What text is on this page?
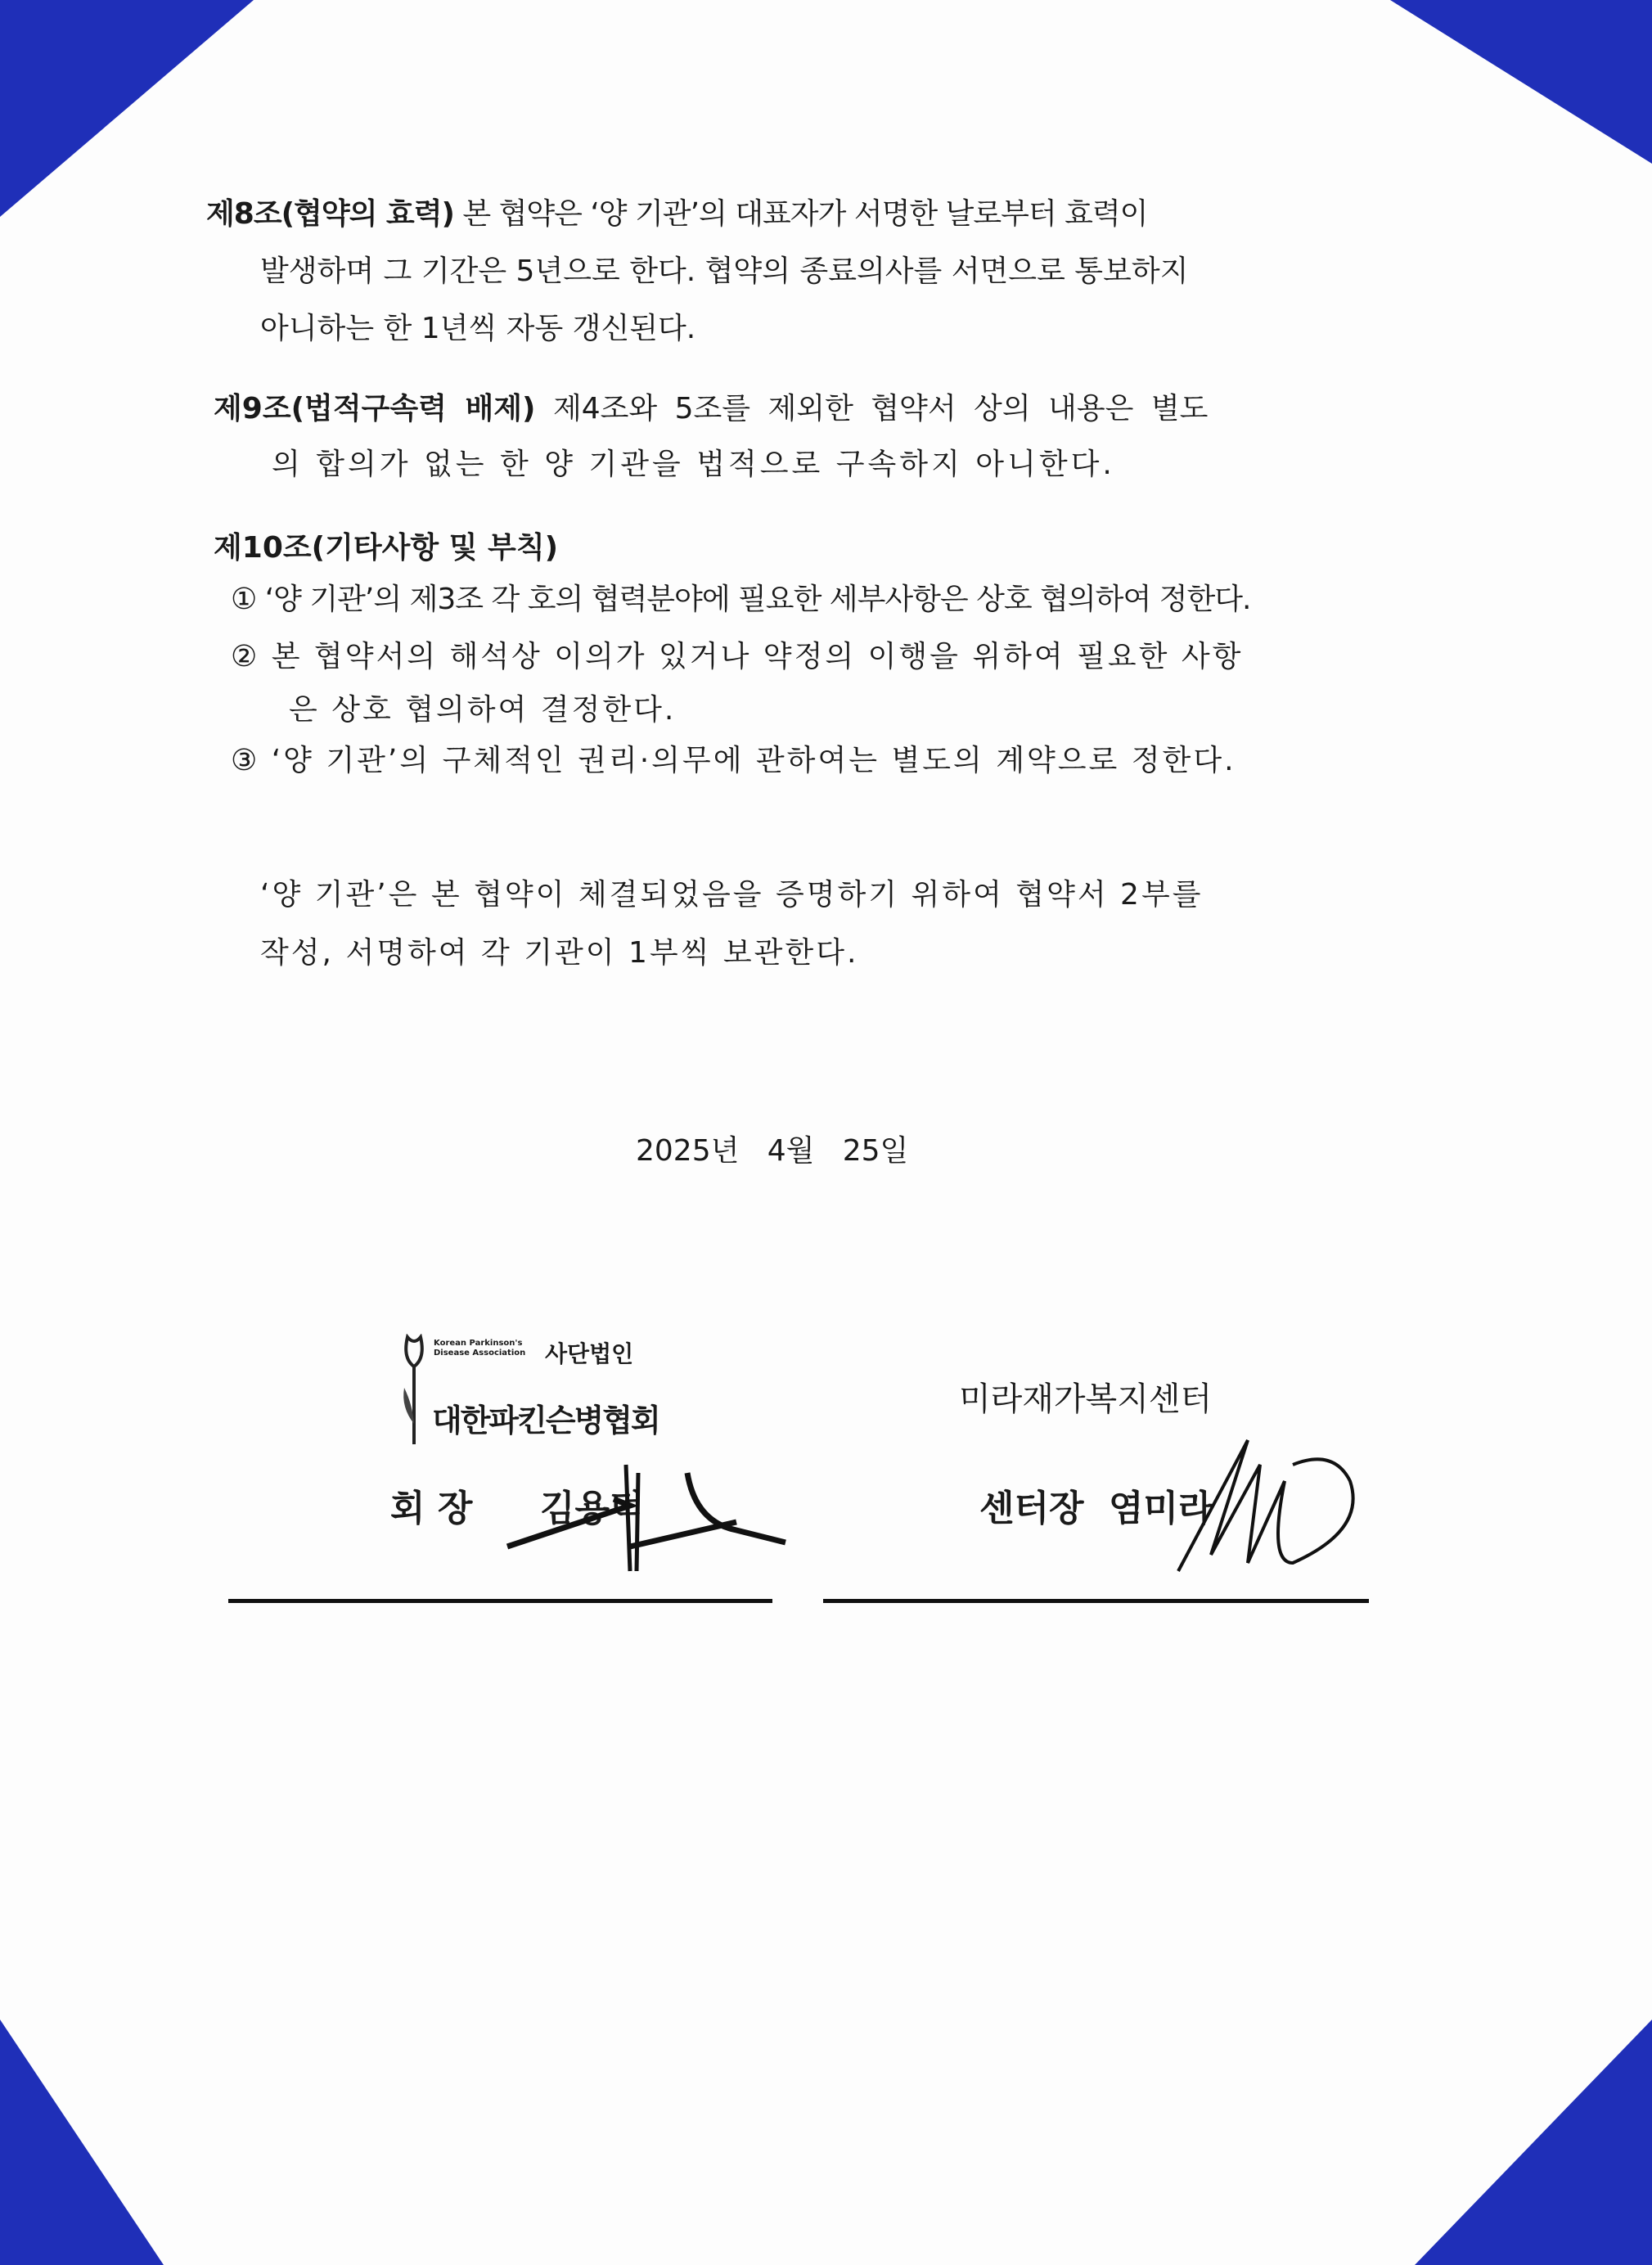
제8조(협약의 효력) 본 협약은 ‘양 기관’의 대표자가 서명한 날로부터 효력이
발생하며 그 기간은 5년으로 한다. 협약의 종료의사를 서면으로 통보하지
아니하는 한 1년씩 자동 갱신된다.
제9조(법적구속력 배제) 제4조와 5조를 제외한 협약서 상의 내용은 별도
의 합의가 없는 한 양 기관을 법적으로 구속하지 아니한다.
제10조(기타사항 및 부칙)
① ‘양 기관’의 제3조 각 호의 협력분야에 필요한 세부사항은 상호 협의하여 정한다.
② 본 협약서의 해석상 이의가 있거나 약정의 이행을 위하여 필요한 사항
은 상호 협의하여 결정한다.
③ ‘양 기관’의 구체적인 권리·의무에 관하여는 별도의 계약으로 정한다.
‘양 기관’은 본 협약이 체결되었음을 증명하기 위하여 협약서 2부를
작성, 서명하여 각 기관이 1부씩 보관한다.
2025년   4월   25일
Korean Parkinson's Disease Association 사단법인
대한파킨슨병협회
미라재가복지센터
회 장 김용덕	센터장 염미라
